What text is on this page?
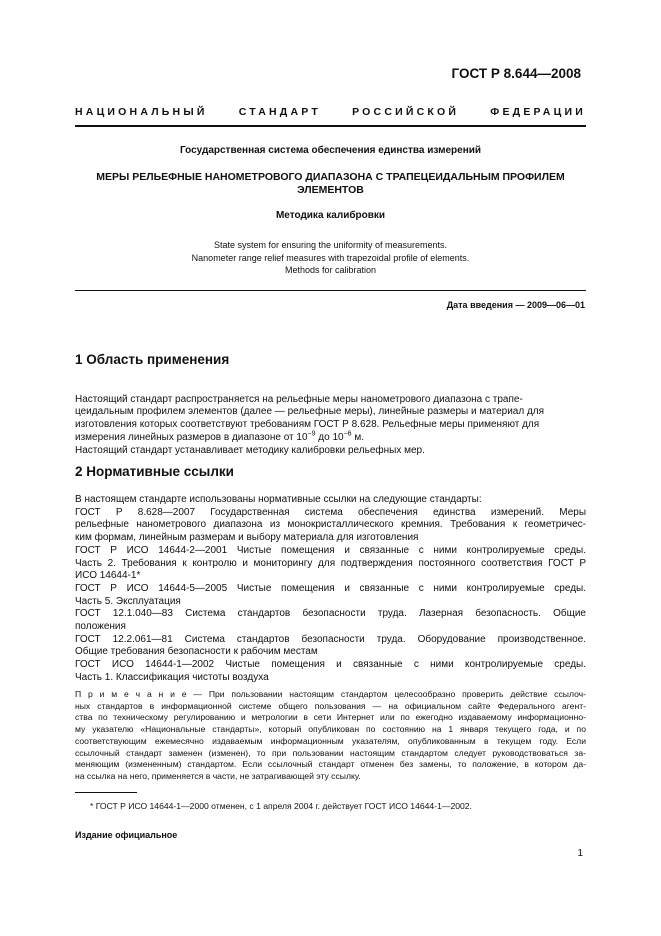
ГОСТ Р 8.644—2008
НАЦИОНАЛЬНЫЙ	СТАНДАРТ	РОССИЙСКОЙ	ФЕДЕРАЦИИ
Государственная система обеспечения единства измерений
МЕРЫ РЕЛЬЕФНЫЕ НАНОМЕТРОВОГО ДИАПАЗОНА С ТРАПЕЦЕИДАЛЬНЫМ ПРОФИЛЕМ
ЭЛЕМЕНТОВ
Методика калибровки
State system for ensuring the uniformity of measurements.
Nanometer range relief measures with trapezoidal profile of elements.
Methods for calibration
Дата введения — 2009—06—01
1 Область применения
Настоящий стандарт распространяется на рельефные меры нанометрового диапазона с трапе-
цеидальным профилем элементов (далее — рельефные меры), линейные размеры и материал для
изготовления которых соответствуют требованиям ГОСТ Р 8.628. Рельефные меры применяют для
измерения линейных размеров в диапазоне от $10^{-9}$ до $10^{-6}$ м.
Настоящий стандарт устанавливает методику калибровки рельефных мер.
2 Нормативные ссылки
В настоящем стандарте использованы нормативные ссылки на следующие стандарты:
ГОСТ Р 8.628—2007 Государственная система обеспечения единства измерений. Меры
рельефные нанометрового диапазона из монокристаллического кремния. Требования к геометричес-
ким формам, линейным размерам и выбору материала для изготовления
ГОСТ Р ИСО 14644-2—2001 Чистые помещения и связанные с ними контролируемые среды.
Часть 2. Требования к контролю и мониторингу для подтверждения постоянного соответствия ГОСТ Р
ИСО 14644-1*
ГОСТ Р ИСО 14644-5—2005 Чистые помещения и связанные с ними контролируемые среды.
Часть 5. Эксплуатация
ГОСТ 12.1.040—83 Система стандартов безопасности труда. Лазерная безопасность. Общие
положения
ГОСТ 12.2.061—81 Система стандартов безопасности труда. Оборудование производственное.
Общие требования безопасности к рабочим местам
ГОСТ ИСО 14644-1—2002 Чистые помещения и связанные с ними контролируемые среды.
Часть 1. Классификация чистоты воздуха
П р и м е ч а н и е — При пользовании настоящим стандартом целесообразно проверить действие ссылоч-
ных стандартов в информационной системе общего пользования — на официальном сайте Федерального агент-
ства по техническому регулированию и метрологии в сети Интернет или по ежегодно издаваемому информационно-
му указателю «Национальные стандарты», который опубликован по состоянию на 1 января текущего года, и по
соответствующим ежемесячно издаваемым информационным указателям, опубликованным в текущем году. Если
ссылочный стандарт заменен (изменен), то при пользовании настоящим стандартом следует руководствоваться за-
меняющим (измененным) стандартом. Если ссылочный стандарт отменен без замены, то положение, в котором да-
на ссылка на него, применяется в части, не затрагивающей эту ссылку.
* ГОСТ Р ИСО 14644-1—2000 отменен, с 1 апреля 2004 г. действует ГОСТ ИСО 14644-1—2002.
Издание официальное
1
